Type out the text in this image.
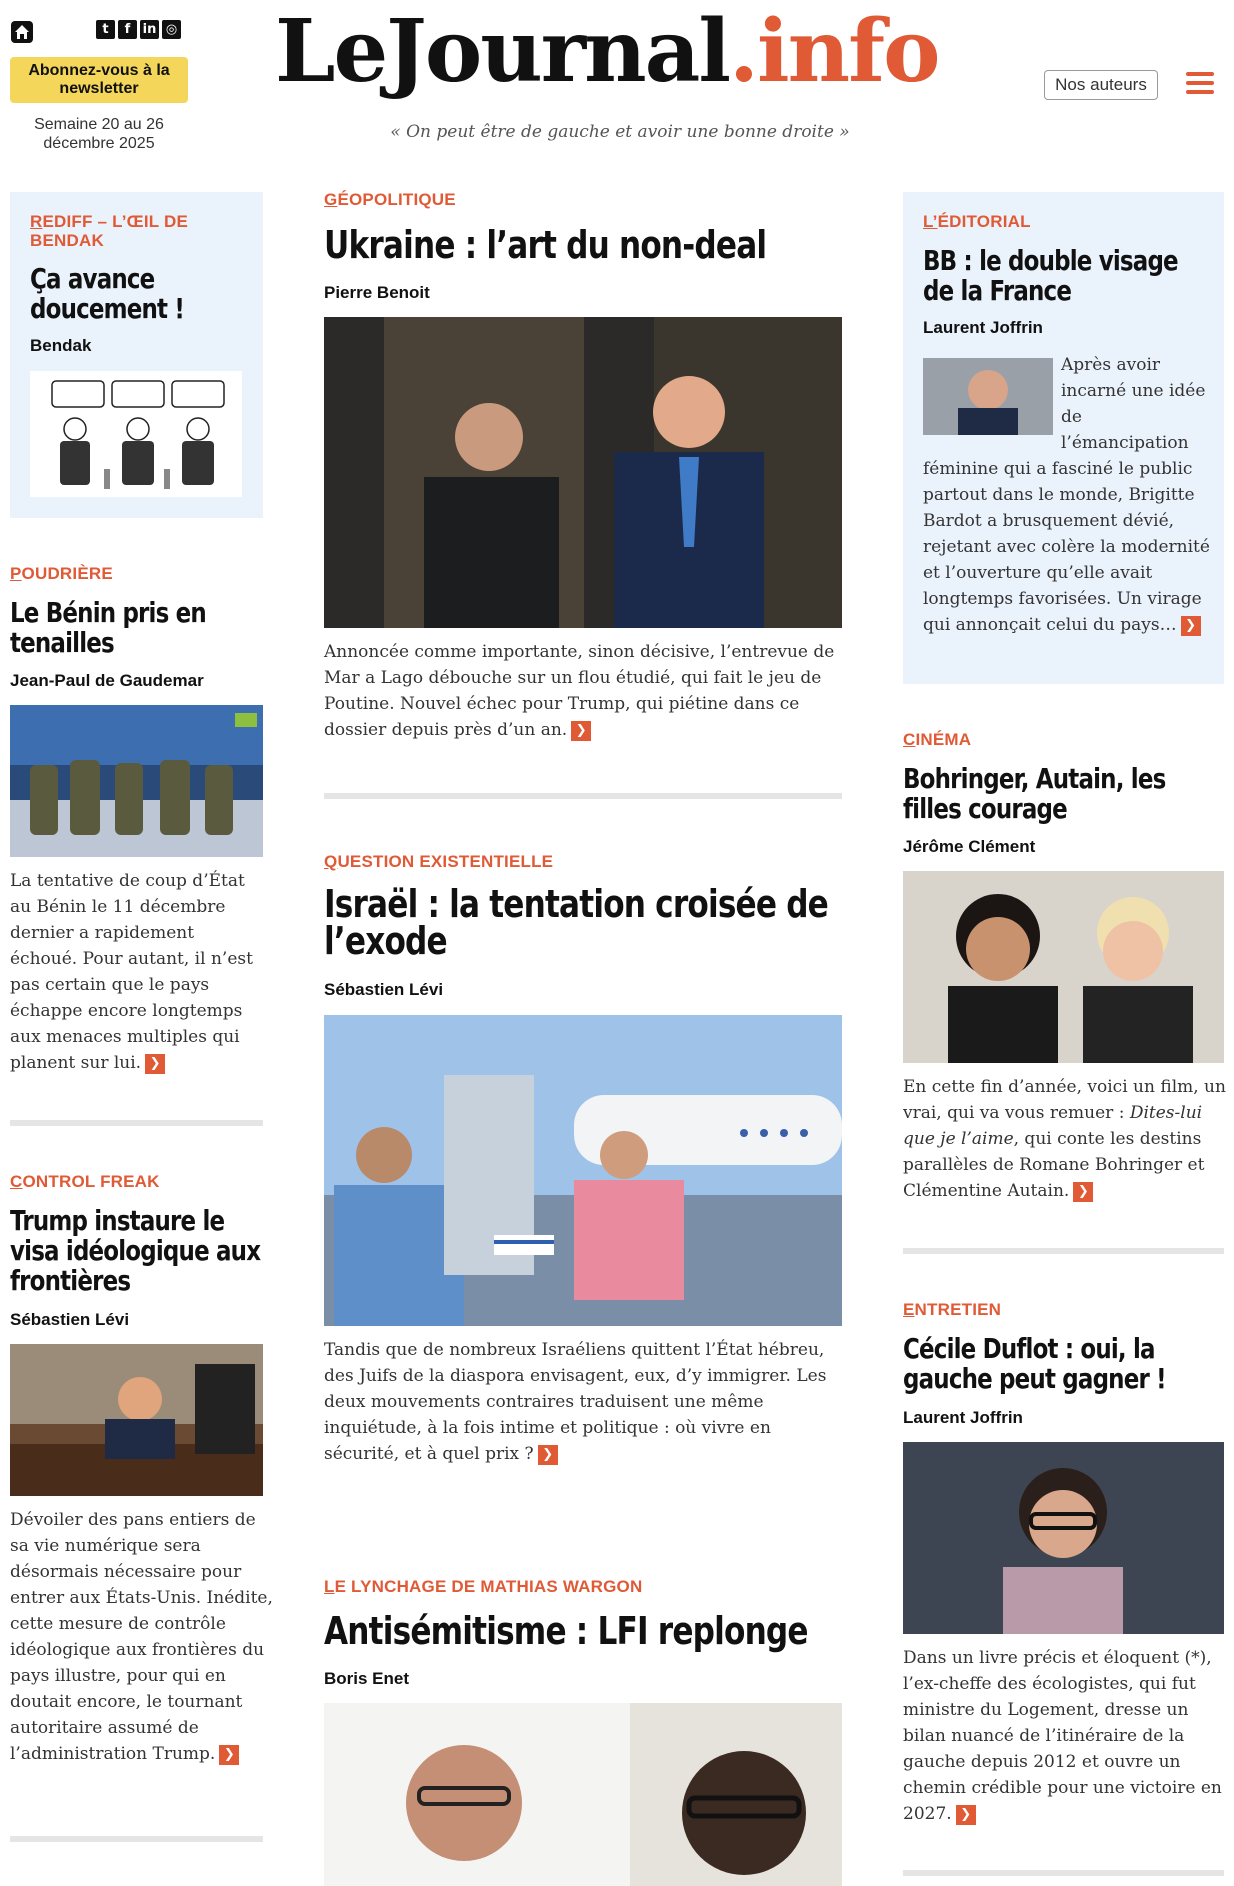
t	f in ◎
Abonnez-vous à la newsletter
Semaine 20 au 26 décembre 2025
LeJournal.info
« On peut être de gauche et avoir une bonne droite »
Nos auteurs
REDIFF – L’ŒIL DE BENDAK
Ça avance doucement !
Bendak
POUDRIÈRE
Le Bénin pris en tenailles
Jean-Paul de Gaudemar
La tentative de coup d’État au Bénin le 11 décembre dernier a rapidement échoué. Pour autant, il n’est pas certain que le pays échappe encore longtemps aux menaces multiples qui planent sur lui. ❯
CONTROL FREAK
Trump instaure le visa idéologique aux frontières
Sébastien Lévi
Dévoiler des pans entiers de sa vie numérique sera désormais nécessaire pour entrer aux États-Unis. Inédite, cette mesure de contrôle idéologique aux frontières du pays illustre, pour qui en doutait encore, le tournant autoritaire assumé de l’administration Trump. ❯
GÉOPOLITIQUE
Ukraine : l’art du non-deal
Pierre Benoit
Annoncée comme importante, sinon décisive, l’entrevue de Mar a Lago débouche sur un flou étudié, qui fait le jeu de Poutine. Nouvel échec pour Trump, qui piétine dans ce dossier depuis près d’un an. ❯
QUESTION EXISTENTIELLE
Israël : la tentation croisée de l’exode
Sébastien Lévi
Tandis que de nombreux Israéliens quittent l’État hébreu, des Juifs de la diaspora envisagent, eux, d’y immigrer. Les deux mouvements contraires traduisent une même inquiétude, à la fois intime et politique : où vivre en sécurité, et à quel prix ? ❯
LE LYNCHAGE DE MATHIAS WARGON
Antisémitisme : LFI replonge
Boris Enet
L’ÉDITORIAL
BB : le double visage de la France
Laurent Joffrin
Après avoir incarné une idée de l’émancipation féminine qui a fasciné le public partout dans le monde, Brigitte Bardot a brusquement dévié, rejetant avec colère la modernité et l’ouverture qu’elle avait longtemps favorisées. Un virage qui annonçait celui du pays… ❯
CINÉMA
Bohringer, Autain, les filles courage
Jérôme Clément
En cette fin d’année, voici un film, un vrai, qui va vous remuer : Dites-lui que je l’aime, qui conte les destins parallèles de Romane Bohringer et Clémentine Autain. ❯
ENTRETIEN
Cécile Duflot : oui, la gauche peut gagner !
Laurent Joffrin
Dans un livre précis et éloquent (*), l’ex-cheffe des écologistes, qui fut ministre du Logement, dresse un bilan nuancé de l’itinéraire de la gauche depuis 2012 et ouvre un chemin crédible pour une victoire en 2027. ❯
